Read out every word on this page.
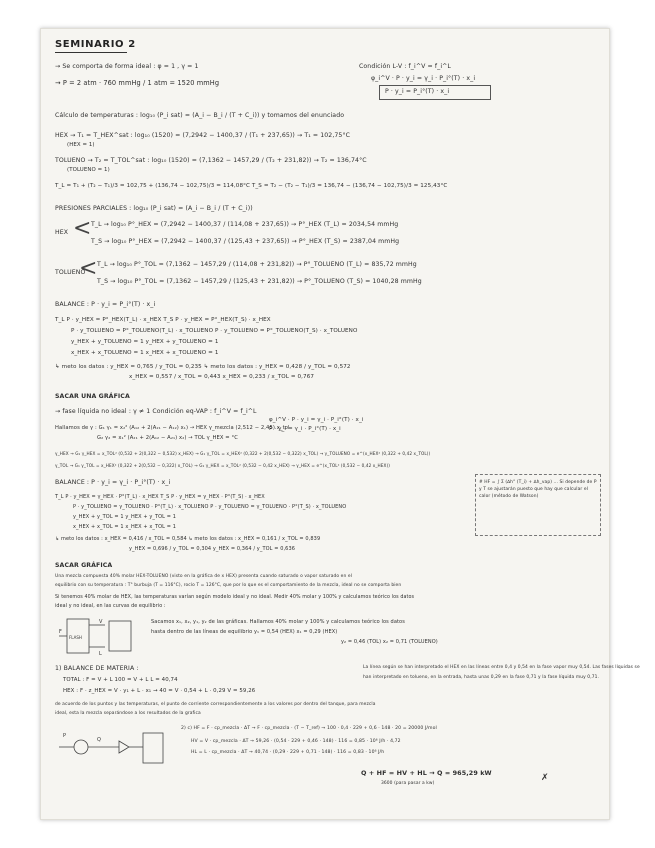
SEMINARIO 2
→ Se comporta de forma ideal : φ = 1 , γ = 1	Condición L-V : f_i^V = f_i^L
φ_i^V · P · y_i = γ_i · P_i°(T) · x_i
→ P = 2 atm · 760 mmHg / 1 atm = 1520 mmHg
P · y_i = P_i°(T) · x_i
Cálculo de temperaturas : log₁₀ (P_i sat) = (A_i − B_i / (T + C_i)) y tomamos del enunciado
HEX → T₁ = T_HEX^sat : log₁₀ (1520) = (7,2942 − 1400,37 / (T₁ + 237,65)) → T₁ = 102,75°C
(HEX = 1)
TOLUENO → T₂ = T_TOL^sat : log₁₀ (1520) = (7,1362 − 1457,29 / (T₂ + 231,82)) → T₂ = 136,74°C
(TOLUENO = 1)
T_L = T₁ + (T₂ − T₁)/3 = 102,75 + (136,74 − 102,75)/3 = 114,08°C T_S = T₂ − (T₂ − T₁)/3 = 136,74 − (136,74 − 102,75)/3 = 125,43°C
PRESIONES PARCIALES : log₁₀ (P_i sat) = (A_i − B_i / (T + C_i))
<
HEX
T_L → log₁₀ P°_HEX = (7,2942 − 1400,37 / (114,08 + 237,65)) → P°_HEX (T_L) = 2034,54 mmHg
T_S → log₁₀ P°_HEX = (7,2942 − 1400,37 / (125,43 + 237,65)) → P°_HEX (T_S) = 2387,04 mmHg
<
TOLUENO
T_L → log₁₀ P°_TOL = (7,1362 − 1457,29 / (114,08 + 231,82)) → P°_TOLUENO (T_L) = 835,72 mmHg
T_S → log₁₀ P°_TOL = (7,1362 − 1457,29 / (125,43 + 231,82)) → P°_TOLUENO (T_S) = 1040,28 mmHg
BALANCE : P · y_i = P_i°(T) · x_i
T_L P · y_HEX = P°_HEX(T_L) · x_HEX T_S P · y_HEX = P°_HEX(T_S) · x_HEX
P · y_TOLUENO = P°_TOLUENO(T_L) · x_TOLUENO P · y_TOLUENO = P°_TOLUENO(T_S) · x_TOLUENO
y_HEX + y_TOLUENO = 1 y_HEX + y_TOLUENO = 1
x_HEX + x_TOLUENO = 1 x_HEX + x_TOLUENO = 1
↳ meto los datos : y_HEX = 0,765 / y_TOL = 0,235 ↳ meto los datos : y_HEX = 0,428 / y_TOL = 0,572
x_HEX = 0,557 / x_TOL = 0,443 x_HEX = 0,233 / x_TOL = 0,767
SACAR UNA GRÁFICA
→ fase líquida no ideal : γ ≠ 1 Condición eq-VAP : f_i^V = f_i^L
φ_i^V · P · y_i = γ_i · P_i°(T) · x_i
P · y_i = γ_i · P_i°(T) · x_i
Hallamos de γ : G₁ γ₁ = x₂² (A₁₂ + 2(A₂₁ − A₁₂) x₁) → HEX γ_mezcla (2,512 − 2,45) x_tol
G₂ γ₂ = x₁² (A₂₁ + 2(A₁₂ − A₂₁) x₂) → TOL γ_HEX = °C
γ_HEX → G₁ γ_HEX = x_TOL² (0,532 + 2(0,322 − 0,532) x_HEX) → G₁ γ_TOL = x_HEX² (0,322 + 2(0,532 − 0,322) x_TOL) → γ_TOLUENO = e^(x_HEX² (0,322 + 0,42 x_TOL))
γ_TOL → G₁ γ_TOL = x_HEX² (0,322 + 2(0,532 − 0,322) x_TOL) → G₁ γ_HEX = x_TOL² (0,532 − 0,42 x_HEX) → γ_HEX = e^(x_TOL² (0,532 − 0,42 x_HEX))
# HF = ∫ Σ (∆h° (T_i) + ∆h_vap) ... Si depende de P y T se ajustarán puesto que hay que calcular el calor (método de Watson)
BALANCE : P · y_i = γ_i · P_i°(T) · x_i
T_L P · y_HEX = γ_HEX · P°(T_L) · x_HEX T_S P · y_HEX = γ_HEX · P°(T_S) · x_HEX
P · y_TOLUENO = γ_TOLUENO · P°(T_L) · x_TOLUENO P · y_TOLUENO = γ_TOLUENO · P°(T_S) · x_TOLUENO
y_HEX + y_TOL = 1 y_HEX + y_TOL = 1
x_HEX + x_TOL = 1 x_HEX + x_TOL = 1
↳ meto los datos : x_HEX = 0,416 / x_TOL = 0,584 ↳ meto los datos : x_HEX = 0,161 / x_TOL = 0,839
y_HEX = 0,696 / y_TOL = 0,304 y_HEX = 0,364 / y_TOL = 0,636
SACAR GRÁFICA
Una mezcla compuesta 40% molar HEX-TOLUENO (visto en la gráfica de x HEX) presenta cuando saturado o vapor saturado en el
equilibrio con su temperatura : T° burbuja (T = 116°C), rocío T = 126°C, que por lo que es el comportamiento de la mezcla, ideal no se comporta bien
Si tenemos 40% molar de HEX, las temperaturas varían según modelo ideal y no ideal. Medir 40% molar y 100% y calculamos teórico los datos
ideal y no ideal, en las curvas de equilibrio :
F
V
L
FLASH
Sacamos x₁, x₂, y₁, y₂ de las gráficas. Hallamos 40% molar y 100% y calculamos teórico los datos
hasta dentro de las líneas de equilibrio y₁ = 0,54 (HEX) x₁ = 0,29 (HEX)
y₂ = 0,46 (TOL) x₂ = 0,71 (TOLUENO)
1) BALANCE DE MATERIA :
TOTAL : F = V + L 100 = V + L L = 40,74
HEX : F · z_HEX = V · y₁ + L · x₁ → 40 = V · 0,54 + L · 0,29 V = 59,26
La línea según se han interpretado el HEX en las líneas entre 0,4 y 0,54 en la fase vapor muy 0,54. Las fases líquidas se
han interpretado en tolueno, en la entrada, hasta unas 0,29 en la fase 0,71 y la fase líquida muy 0,71.
de acuerdo de los puntos y las temperaturas, el punto de corriente correspondientemente a los valores por dentro del tanque, para mezcla
ideal, esta la mezcla separándose a los resultados de la grafica
P
Q
2) c) HF = F · cp_mezcla · ΔT → F · cp_mezcla · (T − T_ref) → 100 · 0,4 · 229 + 0,6 · 148 · 20 = 20000 J/mol
HV = V · cp_mezcla · ΔT → 59,26 · (0,54 · 229 + 0,46 · 148) · 116 = 0,85 · 10⁶ J/h · 4,72
HL = L · cp_mezcla · ΔT → 40,74 · (0,29 · 229 + 0,71 · 148) · 116 = 0,83 · 10⁶ J/h
Q + HF = HV + HL → Q = 965,29 kW
3600 (para pasar a kw)
✗
